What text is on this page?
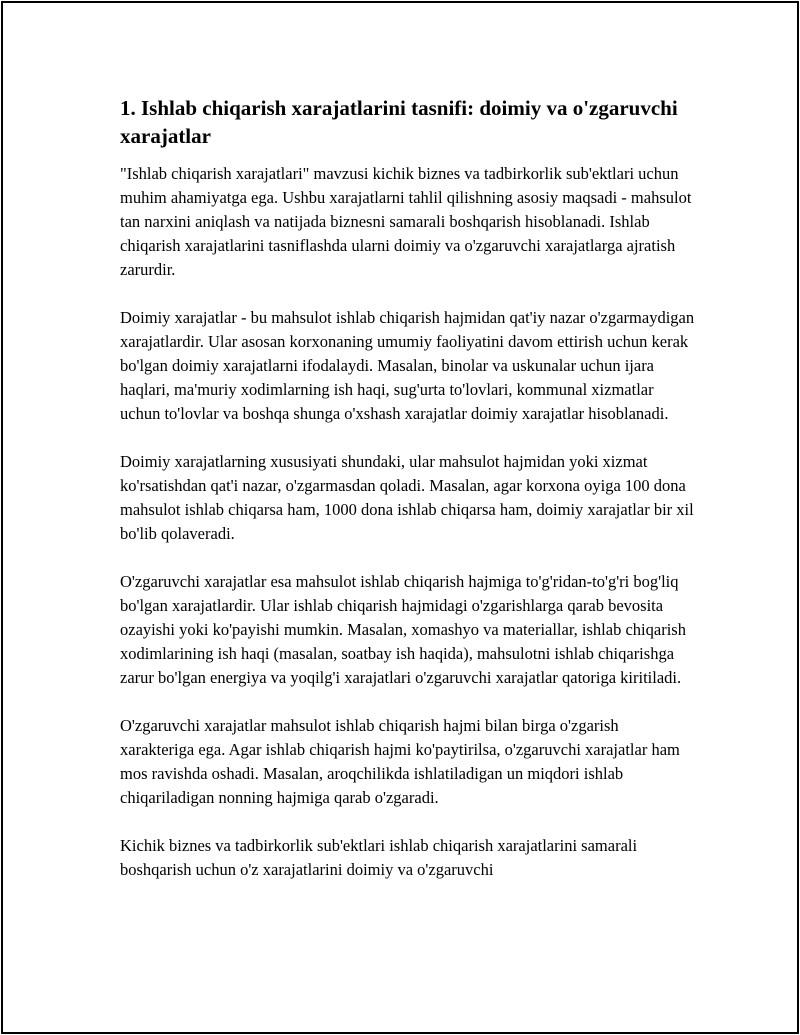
1. Ishlab chiqarish xarajatlarini tasnifi: doimiy va o'zgaruvchi xarajatlar

"Ishlab chiqarish xarajatlari" mavzusi kichik biznes va tadbirkorlik sub'ektlari uchun muhim ahamiyatga ega. Ushbu xarajatlarni tahlil qilishning asosiy maqsadi - mahsulot tan narxini aniqlash va natijada biznesni samarali boshqarish hisoblanadi. Ishlab chiqarish xarajatlarini tasniflashda ularni doimiy va o'zgaruvchi xarajatlarga ajratish zarurdir.

Doimiy xarajatlar - bu mahsulot ishlab chiqarish hajmidan qat'iy nazar o'zgarmaydigan xarajatlardir. Ular asosan korxonaning umumiy faoliyatini davom ettirish uchun kerak bo'lgan doimiy xarajatlarni ifodalaydi. Masalan, binolar va uskunalar uchun ijara haqlari, ma'muriy xodimlarning ish haqi, sug'urta to'lovlari, kommunal xizmatlar uchun to'lovlar va boshqa shunga o'xshash xarajatlar doimiy xarajatlar hisoblanadi.

Doimiy xarajatlarning xususiyati shundaki, ular mahsulot hajmidan yoki xizmat ko'rsatishdan qat'i nazar, o'zgarmasdan qoladi. Masalan, agar korxona oyiga 100 dona mahsulot ishlab chiqarsa ham, 1000 dona ishlab chiqarsa ham, doimiy xarajatlar bir xil bo'lib qolaveradi.

O'zgaruvchi xarajatlar esa mahsulot ishlab chiqarish hajmiga to'g'ridan-to'g'ri bog'liq bo'lgan xarajatlardir. Ular ishlab chiqarish hajmidagi o'zgarishlarga qarab bevosita ozayishi yoki ko'payishi mumkin. Masalan, xomashyo va materiallar, ishlab chiqarish xodimlarining ish haqi (masalan, soatbay ish haqida), mahsulotni ishlab chiqarishga zarur bo'lgan energiya va yoqilg'i xarajatlari o'zgaruvchi xarajatlar qatoriga kiritiladi.

O'zgaruvchi xarajatlar mahsulot ishlab chiqarish hajmi bilan birga o'zgarish xarakteriga ega. Agar ishlab chiqarish hajmi ko'paytirilsa, o'zgaruvchi xarajatlar ham mos ravishda oshadi. Masalan, aroqchilikda ishlatiladigan un miqdori ishlab chiqariladigan nonning hajmiga qarab o'zgaradi.

Kichik biznes va tadbirkorlik sub'ektlari ishlab chiqarish xarajatlarini samarali boshqarish uchun o'z xarajatlarini doimiy va o'zgaruvchi
